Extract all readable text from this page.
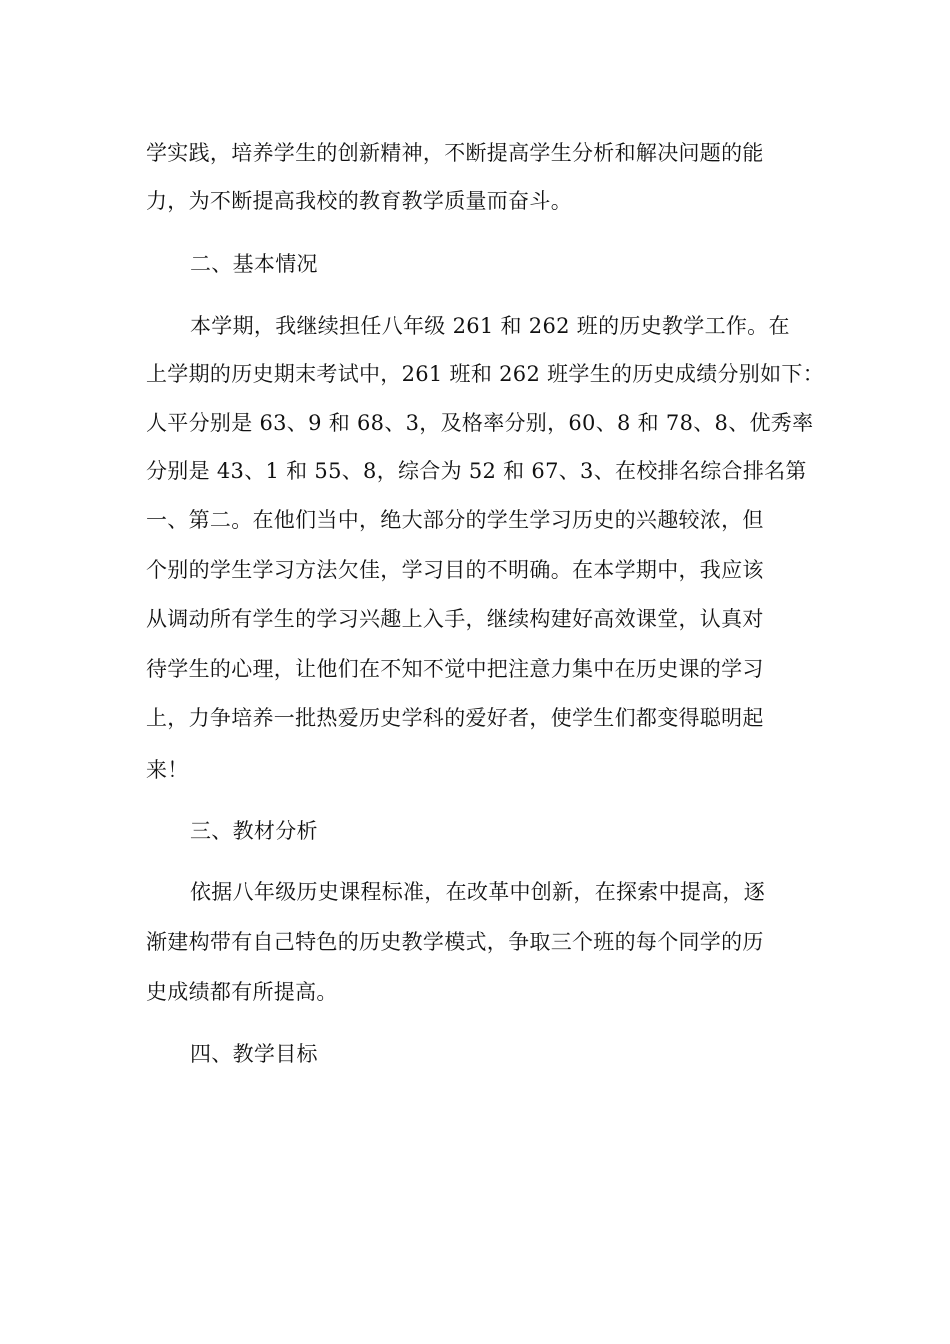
学实践，培养学生的创新精神，不断提高学生分析和解决问题的能
力，为不断提高我校的教育教学质量而奋斗。
二、基本情况
本学期，我继续担任八年级 261 和 262 班的历史教学工作。在
上学期的历史期末考试中，261 班和 262 班学生的历史成绩分别如下：
人平分别是 63、9 和 68、3，及格率分别，60、8 和 78、8、优秀率
分别是 43、1 和 55、8，综合为 52 和 67、3、在校排名综合排名第
一、第二。在他们当中，绝大部分的学生学习历史的兴趣较浓，但
个别的学生学习方法欠佳，学习目的不明确。在本学期中，我应该
从调动所有学生的学习兴趣上入手，继续构建好高效课堂，认真对
待学生的心理，让他们在不知不觉中把注意力集中在历史课的学习
上，力争培养一批热爱历史学科的爱好者，使学生们都变得聪明起
来！
三、教材分析
依据八年级历史课程标准，在改革中创新，在探索中提高，逐
渐建构带有自己特色的历史教学模式，争取三个班的每个同学的历
史成绩都有所提高。
四、教学目标
